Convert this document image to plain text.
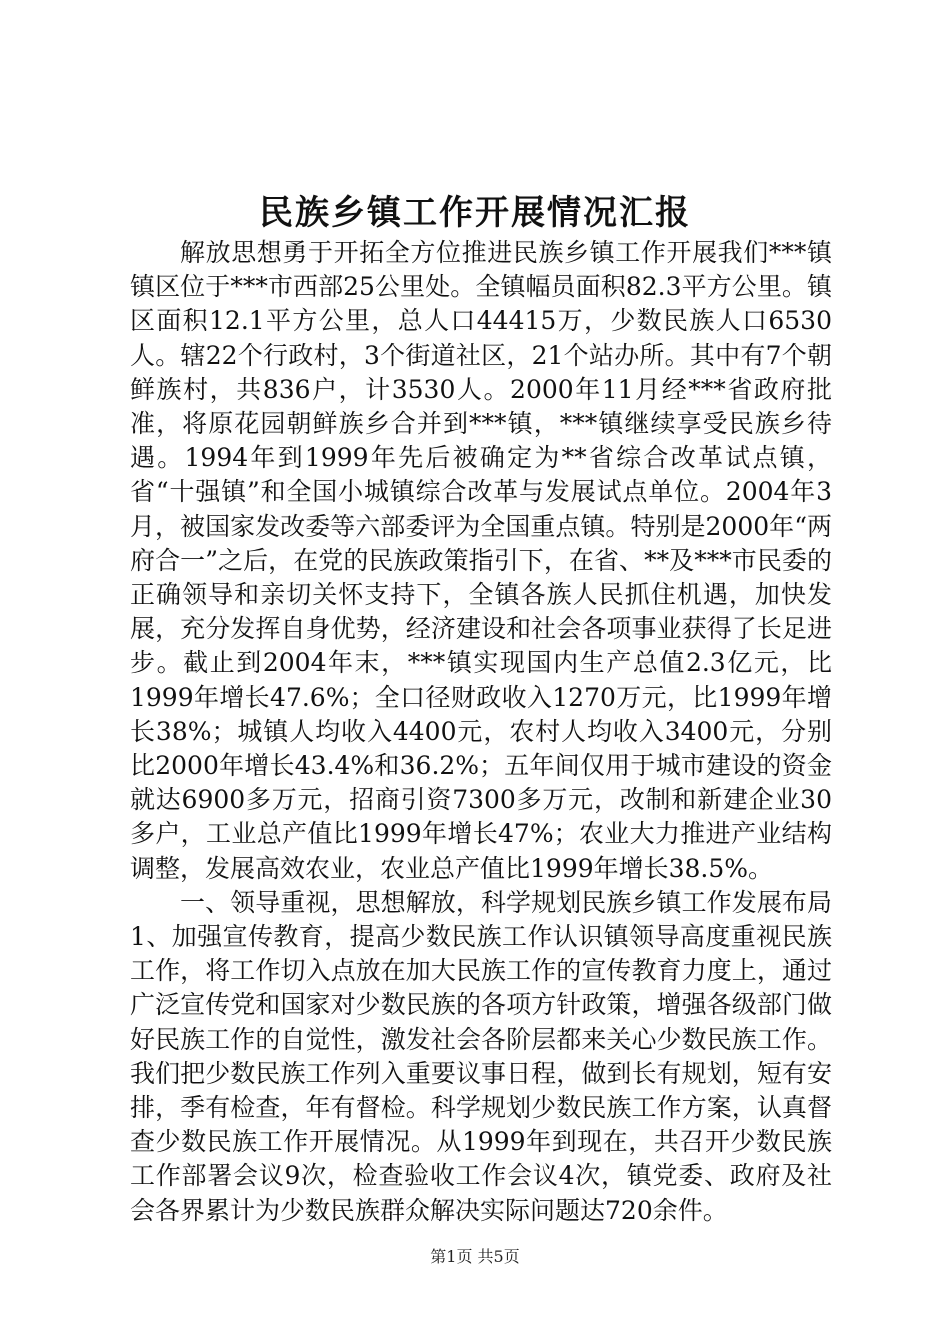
民族乡镇工作开展情况汇报

解放思想勇于开拓全方位推进民族乡镇工作开展我们***镇镇区位于***市西部25公里处。全镇幅员面积82.3平方公里。镇区面积12.1平方公里，总人口44415万，少数民族人口6530人。辖22个行政村，3个街道社区，21个站办所。其中有7个朝鲜族村，共836户，计3530人。2000年11月经***省政府批准，将原花园朝鲜族乡合并到***镇，***镇继续享受民族乡待遇。1994年到1999年先后被确定为**省综合改革试点镇，省“十强镇”和全国小城镇综合改革与发展试点单位。2004年3月，被国家发改委等六部委评为全国重点镇。特别是2000年“两府合一”之后，在党的民族政策指引下，在省、**及***市民委的正确领导和亲切关怀支持下，全镇各族人民抓住机遇，加快发展，充分发挥自身优势，经济建设和社会各项事业获得了长足进步。截止到2004年末，***镇实现国内生产总值2.3亿元，比1999年增长47.6%；全口径财政收入1270万元，比1999年增长38%；城镇人均收入4400元，农村人均收入3400元，分别比2000年增长43.4%和36.2%；五年间仅用于城市建设的资金就达6900多万元，招商引资7300多万元，改制和新建企业30多户，工业总产值比1999年增长47%；农业大力推进产业结构调整，发展高效农业，农业总产值比1999年增长38.5%。

一、领导重视，思想解放，科学规划民族乡镇工作发展布局1、加强宣传教育，提高少数民族工作认识镇领导高度重视民族工作，将工作切入点放在加大民族工作的宣传教育力度上，通过广泛宣传党和国家对少数民族的各项方针政策，增强各级部门做好民族工作的自觉性，激发社会各阶层都来关心少数民族工作。我们把少数民族工作列入重要议事日程，做到长有规划，短有安排，季有检查，年有督检。科学规划少数民族工作方案，认真督查少数民族工作开展情况。从1999年到现在，共召开少数民族工作部署会议9次，检查验收工作会议4次，镇党委、政府及社会各界累计为少数民族群众解决实际问题达720余件。

第1页 共5页
